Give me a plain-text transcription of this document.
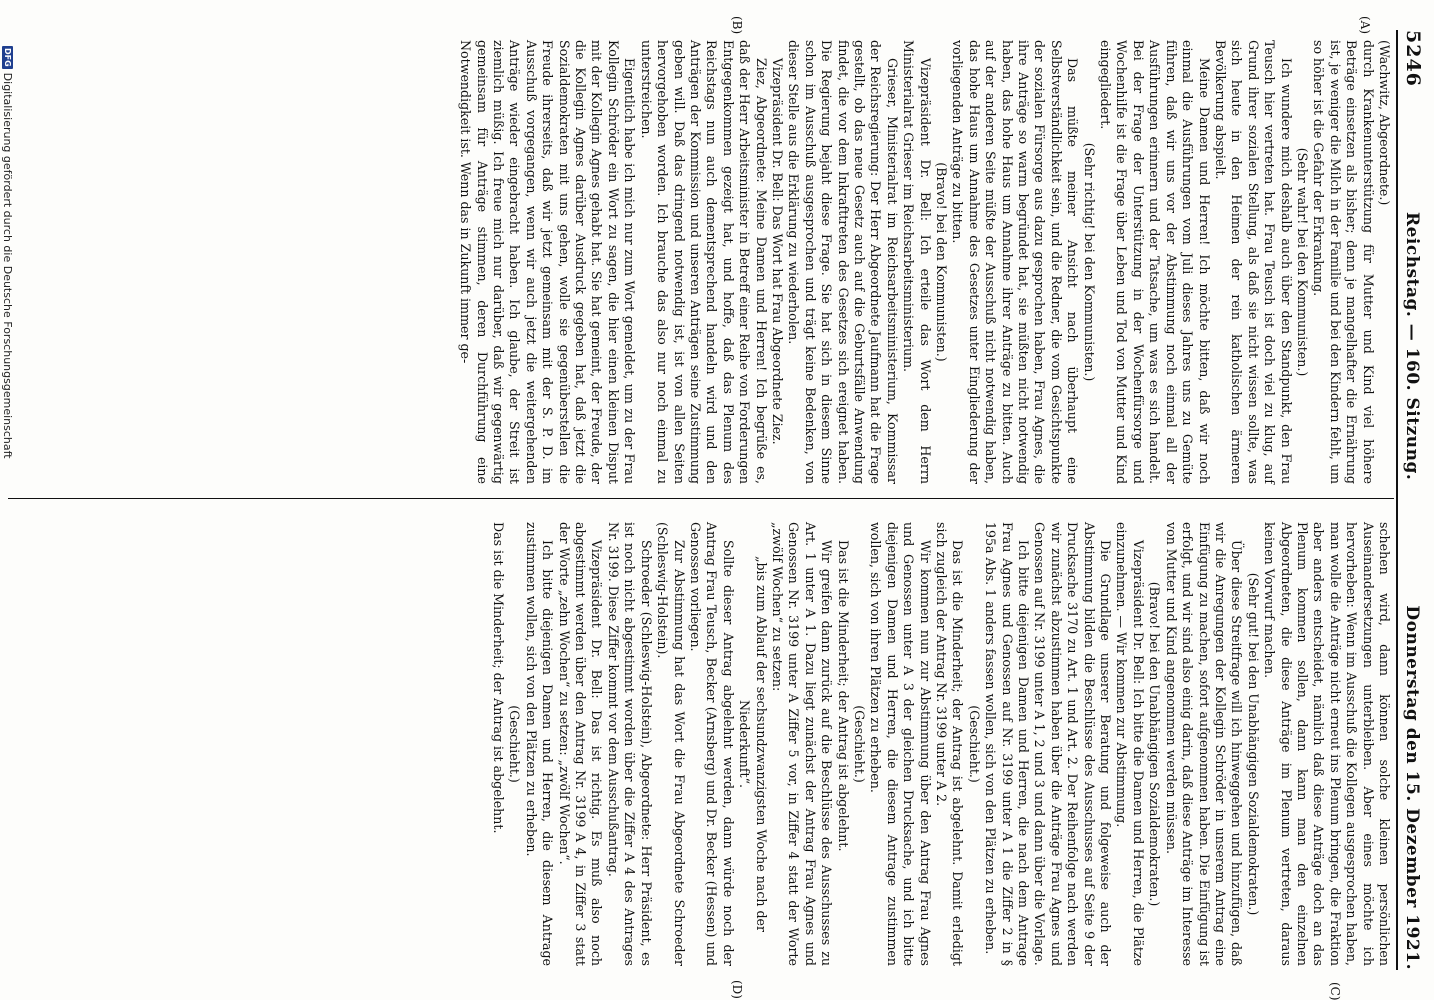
5246
Reichstag. — 160. Sitzung.
Donnerstag den 15. Dezember 1921.
(A)
(B)
(C)
(D)

(Wachwitz, Abgeordnete.)

durch Krankenunterstützung für Mutter und Kind viel höhere Beträge einsetzen als bisher; denn je mangelhafter die Ernährung ist, je weniger die Milch in der Familie und bei den Kindern fehlt, um so höher ist die Gefahr der Erkrankung.

(Sehr wahr! bei den Kommunisten.)

Ich wundere mich deshalb auch über den Standpunkt, den Frau Teusch hier vertreten hat. Frau Teusch ist doch viel zu klug, auf Grund ihrer sozialen Stellung, als daß sie nicht wissen sollte, was sich heute in den Heimen der rein katholischen ärmeren Bevölkerung abspielt.

Meine Damen und Herren! Ich möchte bitten, daß wir noch einmal die Ausführungen vom Juli dieses Jahres uns zu Gemüte führen, daß wir uns vor der Abstimmung noch einmal all der Ausführungen erinnern und der Tatsache, um was es sich handelt. Bei der Frage der Unterstützung in der Wochenfürsorge und Wochenhilfe ist die Frage über Leben und Tod von Mutter und Kind eingegliedert.

(Sehr richtig! bei den Kommunisten.)

Das müßte meiner Ansicht nach überhaupt eine Selbstverständlichkeit sein, und die Redner, die vom Gesichtspunkte der sozialen Fürsorge aus dazu gesprochen haben, Frau Agnes, die ihre Anträge so warm begründet hat, sie müßten nicht notwendig haben, das hohe Haus um Annahme ihrer Anträge zu bitten. Auch auf der anderen Seite müßte der Ausschuß nicht notwendig haben, das hohe Haus um Annahme des Gesetzes unter Eingliederung der vorliegenden Anträge zu bitten.

(Bravo! bei den Kommunisten.)

Vizepräsident Dr. Bell: Ich erteile das Wort dem Herrn Ministerialrat Grieser im Reichsarbeitsministerium.

Grieser, Ministerialrat im Reichsarbeitsministerium, Kommissar der Reichsregierung: Der Herr Abgeordnete Jaufmann hat die Frage gestellt, ob das neue Gesetz auch auf die Geburtsfälle Anwendung findet, die vor dem Inkrafttreten des Gesetzes sich ereignet haben. Die Regierung bejaht diese Frage. Sie hat sich in diesem Sinne schon im Ausschuß ausgesprochen und trägt keine Bedenken, von dieser Stelle aus die Erklärung zu wiederholen.

Vizepräsident Dr. Bell: Das Wort hat Frau Abgeordnete Ziez.

Ziez, Abgeordnete: Meine Damen und Herren! Ich begrüße es, daß der Herr Arbeitsminister in Betreff einer Reihe von Forderungen Entgegenkommen gezeigt hat, und hoffe, daß das Plenum des Reichstags nun auch dementsprechend handeln wird und den Anträgen der Kommission und unseren Anträgen seine Zustimmung geben will. Daß das dringend notwendig ist, ist von allen Seiten hervorgehoben worden. Ich brauche das also nur noch einmal zu unterstreichen.

Eigentlich habe ich mich nur zum Wort gemeldet, um zu der Frau Kollegin Schröder ein Wort zu sagen, die hier einen kleinen Disput mit der Kollegin Agnes gehabt hat. Sie hat gemeint, der Freude, der die Kollegin Agnes darüber Ausdruck gegeben hat, daß jetzt die Sozialdemokraten mit uns gehen, wolle sie gegenüberstellen die Freude ihrerseits, daß wir jetzt gemeinsam mit der S. P. D. im Ausschuß vorgegangen, wenn wir auch jetzt die weitergehenden Anträge wieder eingebracht haben. Ich glaube, der Streit ist ziemlich müßig. Ich freue mich nur darüber, daß wir gegenwärtig gemeinsam für Anträge stimmen, deren Durchführung eine Notwendigkeit ist. Wenn das in Zukunft immer ge-

schehen wird, dann können solche kleinen persönlichen Auseinandersetzungen unterbleiben. Aber eines möchte ich hervorheben: Wenn im Ausschuß die Kollegen ausgesprochen haben, man wolle die Anträge nicht erneut ins Plenum bringen, die Fraktion aber anders entscheidet, nämlich daß diese Anträge doch an das Plenum kommen sollen, dann kann man den einzelnen Abgeordneten, die diese Anträge im Plenum vertreten, daraus keinen Vorwurf machen.

(Sehr gut! bei den Unabhängigen Sozialdemokraten.)

Über diese Streitfrage will ich hinweggehen und hinzufügen, daß wir die Anregungen der Kollegin Schröder in unserem Antrag eine Einfügung zu machen, sofort aufgenommen haben. Die Einfügung ist erfolgt, und wir sind also einig darin, daß diese Anträge im Interesse von Mutter und Kind angenommen werden müssen.

(Bravo! bei den Unabhängigen Sozialdemokraten.)

Vizepräsident Dr. Bell: Ich bitte die Damen und Herren, die Plätze einzunehmen. — Wir kommen zur Abstimmung.

Die Grundlage unserer Beratung und folgeweise auch der Abstimmung bilden die Beschlüsse des Ausschusses auf Seite 9 der Drucksache 3170 zu Art. 1 und Art. 2. Der Reihenfolge nach werden wir zunächst abzustimmen haben über die Anträge Frau Agnes und Genossen auf Nr. 3199 unter A 1, 2 und 3 und dann über die Vorlage.

Ich bitte diejenigen Damen und Herren, die nach dem Antrage Frau Agnes und Genossen auf Nr. 3199 unter A 1 die Ziffer 2 in § 195a Abs. 1 anders fassen wollen, sich von den Plätzen zu erheben.

(Geschieht.)

Das ist die Minderheit; der Antrag ist abgelehnt. Damit erledigt sich zugleich der Antrag Nr. 3199 unter A 2.

Wir kommen nun zur Abstimmung über den Antrag Frau Agnes und Genossen unter A 3 der gleichen Drucksache, und ich bitte diejenigen Damen und Herren, die diesem Antrage zustimmen wollen, sich von ihren Plätzen zu erheben.

(Geschieht.)

Das ist die Minderheit; der Antrag ist abgelehnt.

Wir greifen dann zurück auf die Beschlüsse des Ausschusses zu Art. 1 unter A 1. Dazu liegt zunächst der Antrag Frau Agnes und Genossen Nr. 3199 unter A Ziffer 5 vor, in Ziffer 4 statt der Worte „zwölf Wochen“ zu setzen:

„bis zum Ablauf der sechsundzwanzigsten Woche nach der Niederkunft“.

Sollte dieser Antrag abgelehnt werden, dann würde noch der Antrag Frau Teusch, Becker (Arnsberg) und Dr. Becker (Hessen) und Genossen vorliegen.

Zur Abstimmung hat das Wort die Frau Abgeordnete Schroeder (Schleswig-Holstein).

Schroeder (Schleswig-Holstein), Abgeordnete: Herr Präsident, es ist noch nicht abgestimmt worden über die Ziffer A 4 des Antrages Nr. 3199. Diese Ziffer kommt vor dem Ausschußantrag.

Vizepräsident Dr. Bell: Das ist richtig. Es muß also noch abgestimmt werden über den Antrag Nr. 3199 A 4, in Ziffer 3 statt der Worte „zehn Wochen“ zu setzen: „zwölf Wochen“.

Ich bitte diejenigen Damen und Herren, die diesem Antrage zustimmen wollen, sich von den Plätzen zu erheben.

(Geschieht.)

Das ist die Minderheit; der Antrag ist abgelehnt.

DFG
Digitalisierung gefördert durch die Deutsche Forschungsgemeinschaft
